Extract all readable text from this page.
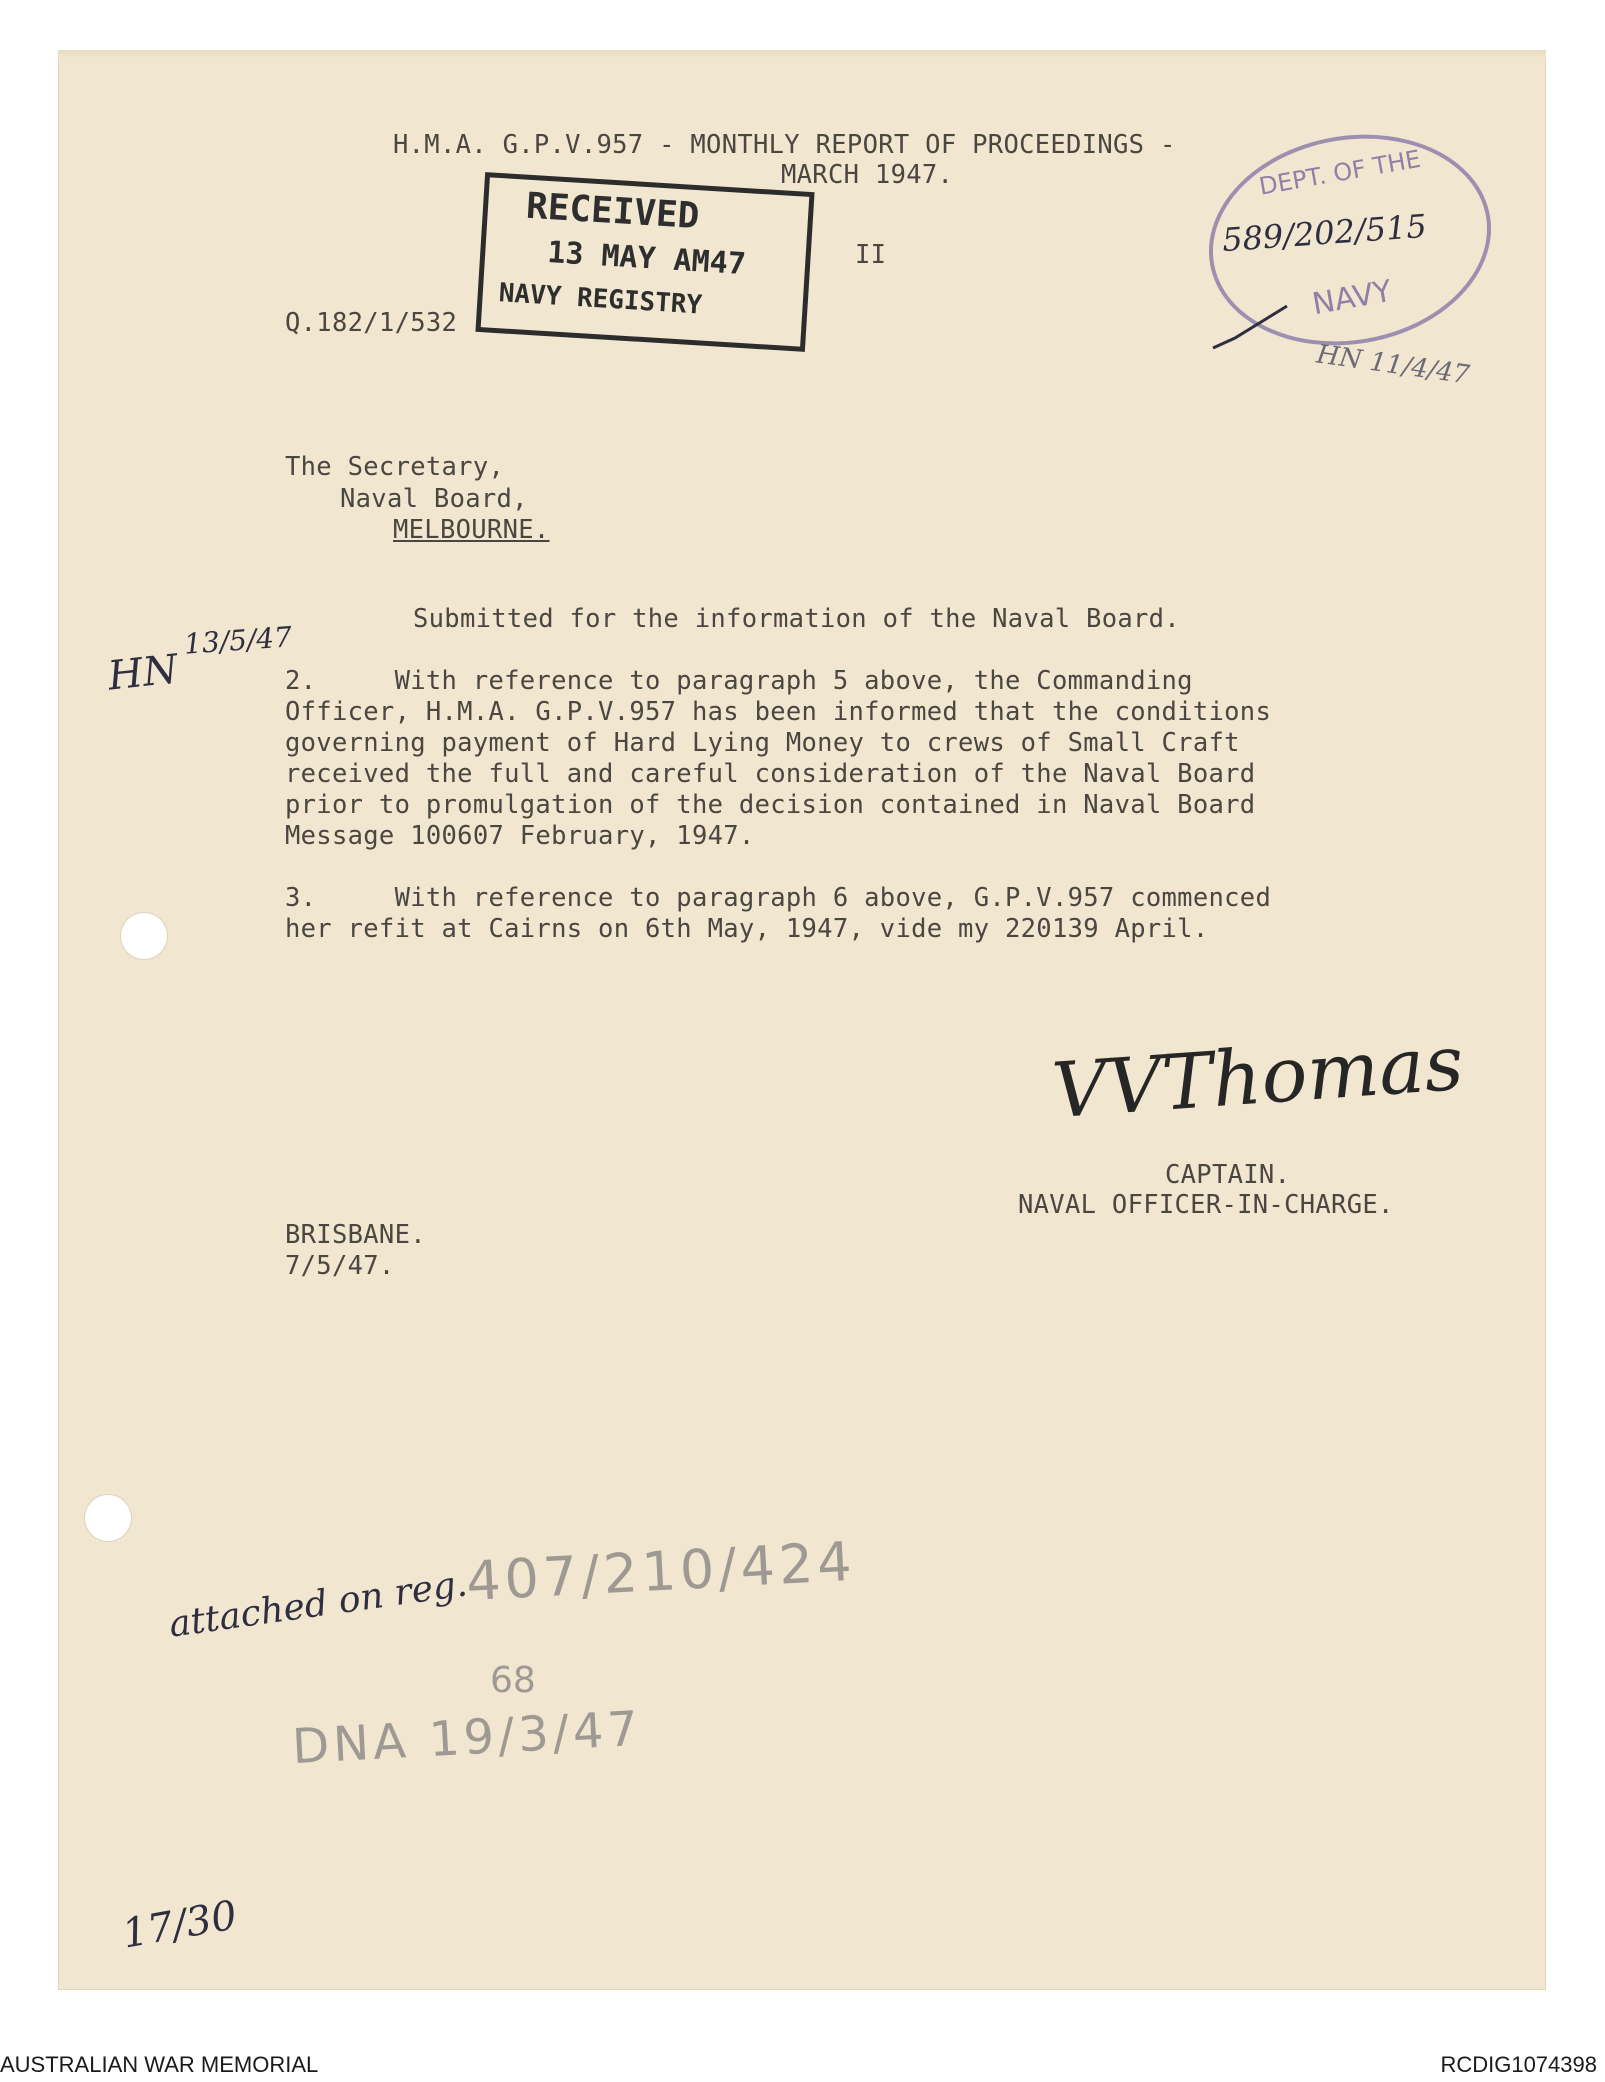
H.M.A. G.P.V.957 - MONTHLY REPORT OF PROCEEDINGS -
MARCH 1947.
II
Q.182/1/532
RECEIVED
13 MAY AM47
NAVY REGISTRY
DEPT. OF THE
NAVY
589/202/515
HN 11/4/47
The Secretary,
Naval Board,
MELBOURNE.
Submitted for the information of the Naval Board.
HN
13/5/47
2.     With reference to paragraph 5 above, the Commanding
Officer, H.M.A. G.P.V.957 has been informed that the conditions
governing payment of Hard Lying Money to crews of Small Craft
received the full and careful consideration of the Naval Board
prior to promulgation of the decision contained in Naval Board
Message 100607 February, 1947.
3.     With reference to paragraph 6 above, G.P.V.957 commenced
her refit at Cairns on 6th May, 1947, vide my 220139 April.
VVThomas
CAPTAIN.
NAVAL OFFICER-IN-CHARGE.
BRISBANE.
7/5/47.
attached on reg.
407/210/424
68
DNA 19/3/47
17/30
AUSTRALIAN WAR MEMORIAL	RCDIG1074398
